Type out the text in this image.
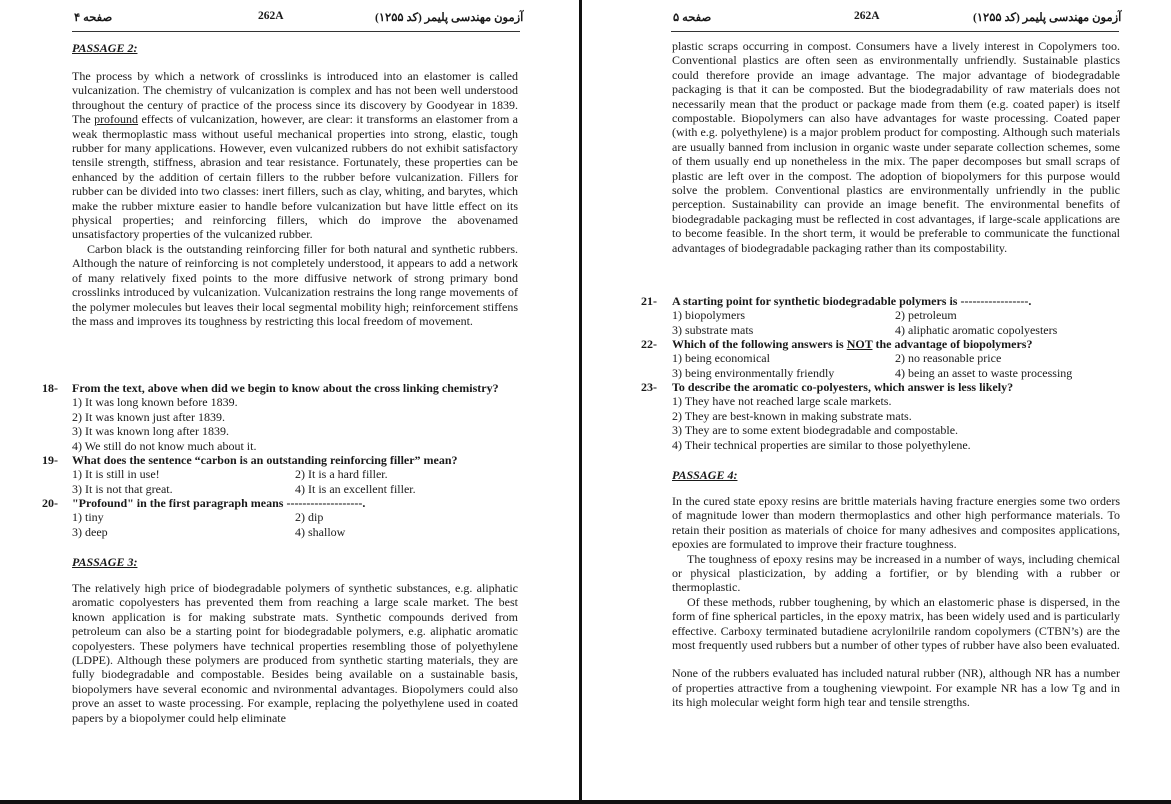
صفحه ۴	262A	آزمون مهندسی پلیمر (کد ۱۲۵۵)
PASSAGE 2:

The process by which a network of crosslinks is introduced into an elastomer is called vulcanization. The chemistry of vulcanization is complex and has not been well understood throughout the century of practice of the process since its discovery by Goodyear in 1839. The profound effects of vulcanization, however, are clear: it transforms an elastomer from a weak thermoplastic mass without useful mechanical properties into strong, elastic, tough rubber for many applications. However, even vulcanized rubbers do not exhibit satisfactory tensile strength, stiffness, abrasion and tear resistance. Fortunately, these properties can be enhanced by the addition of certain fillers to the rubber before vulcanization. Fillers for rubber can be divided into two classes: inert fillers, such as clay, whiting, and barytes, which make the rubber mixture easier to handle before vulcanization but have little effect on its physical properties; and reinforcing fillers, which do improve the abovenamed unsatisfactory properties of the vulcanized rubber.

Carbon black is the outstanding reinforcing filler for both natural and synthetic rubbers. Although the nature of reinforcing is not completely understood, it appears to add a network of many relatively fixed points to the more diffusive network of strong primary bond crosslinks introduced by vulcanization. Vulcanization restrains the long range movements of the polymer molecules but leaves their local segmental mobility high; reinforcement stiffens the mass and improves its toughness by restricting this local freedom of movement.

18- From the text, above when did we begin to know about the cross linking chemistry?
1) It was long known before 1839.
2) It was known just after 1839.
3) It was known long after 1839.
4) We still do not know much about it.
19- What does the sentence “carbon is an outstanding reinforcing filler” mean?
1) It is still in use!	2) It is a hard filler.
3) It is not that great.	4) It is an excellent filler.
20- "Profound" in the first paragraph means -------------------.
1) tiny	2) dip
3) deep	4) shallow
PASSAGE 3:

The relatively high price of biodegradable polymers of synthetic substances, e.g. aliphatic aromatic copolyesters has prevented them from reaching a large scale market. The best known application is for making substrate mats. Synthetic compounds derived from petroleum can also be a starting point for biodegradable polymers, e.g. aliphatic aromatic copolyesters. These polymers have technical properties resembling those of polyethylene (LDPE). Although these polymers are produced from synthetic starting materials, they are fully biodegradable and compostable. Besides being available on a sustainable basis, biopolymers have several economic and nvironmental advantages. Biopolymers could also prove an asset to waste processing. For example, replacing the polyethylene used in coated papers by a biopolymer could help eliminate

صفحه ۵	262A	آزمون مهندسی پلیمر (کد ۱۲۵۵)

plastic scraps occurring in compost. Consumers have a lively interest in Copolymers too. Conventional plastics are often seen as environmentally unfriendly. Sustainable plastics could therefore provide an image advantage. The major advantage of biodegradable packaging is that it can be composted. But the biodegradability of raw materials does not necessarily mean that the product or package made from them (e.g. coated paper) is itself compostable. Biopolymers can also have advantages for waste processing. Coated paper (with e.g. polyethylene) is a major problem product for composting. Although such materials are usually banned from inclusion in organic waste under separate collection schemes, some of them usually end up nonetheless in the mix. The paper decomposes but small scraps of plastic are left over in the compost. The adoption of biopolymers for this purpose would solve the problem. Conventional plastics are environmentally unfriendly in the public perception. Sustainability can provide an image benefit. The environmental benefits of biodegradable packaging must be reflected in cost advantages, if large-scale applications are to become feasible. In the short term, it would be preferable to communicate the functional advantages of biodegradable packaging rather than its compostability.

21- A starting point for synthetic biodegradable polymers is -----------------.
1) biopolymers	2) petroleum
3) substrate mats	4) aliphatic aromatic copolyesters
22- Which of the following answers is NOT the advantage of biopolymers?
1) being economical	2) no reasonable price
3) being environmentally friendly	4) being an asset to waste processing
23- To describe the aromatic co-polyesters, which answer is less likely?
1) They have not reached large scale markets.
2) They are best-known in making substrate mats.
3) They are to some extent biodegradable and compostable.
4) Their technical properties are similar to those polyethylene.
PASSAGE 4:

In the cured state epoxy resins are brittle materials having fracture energies some two orders of magnitude lower than modern thermoplastics and other high performance materials. To retain their position as materials of choice for many adhesives and composites applications, epoxies are formulated to improve their fracture toughness.

The toughness of epoxy resins may be increased in a number of ways, including chemical or physical plasticization, by adding a fortifier, or by blending with a rubber or thermoplastic.

Of these methods, rubber toughening, by which an elastomeric phase is dispersed, in the form of fine spherical particles, in the epoxy matrix, has been widely used and is particularly effective. Carboxy terminated butadiene acrylonilrile random copolymers (CTBN’s) are the most frequently used rubbers but a number of other types of rubber have also been evaluated.

None of the rubbers evaluated has included natural rubber (NR), although NR has a number of properties attractive from a toughening viewpoint. For example NR has a low Tg and in its high molecular weight form high tear and tensile strengths.
